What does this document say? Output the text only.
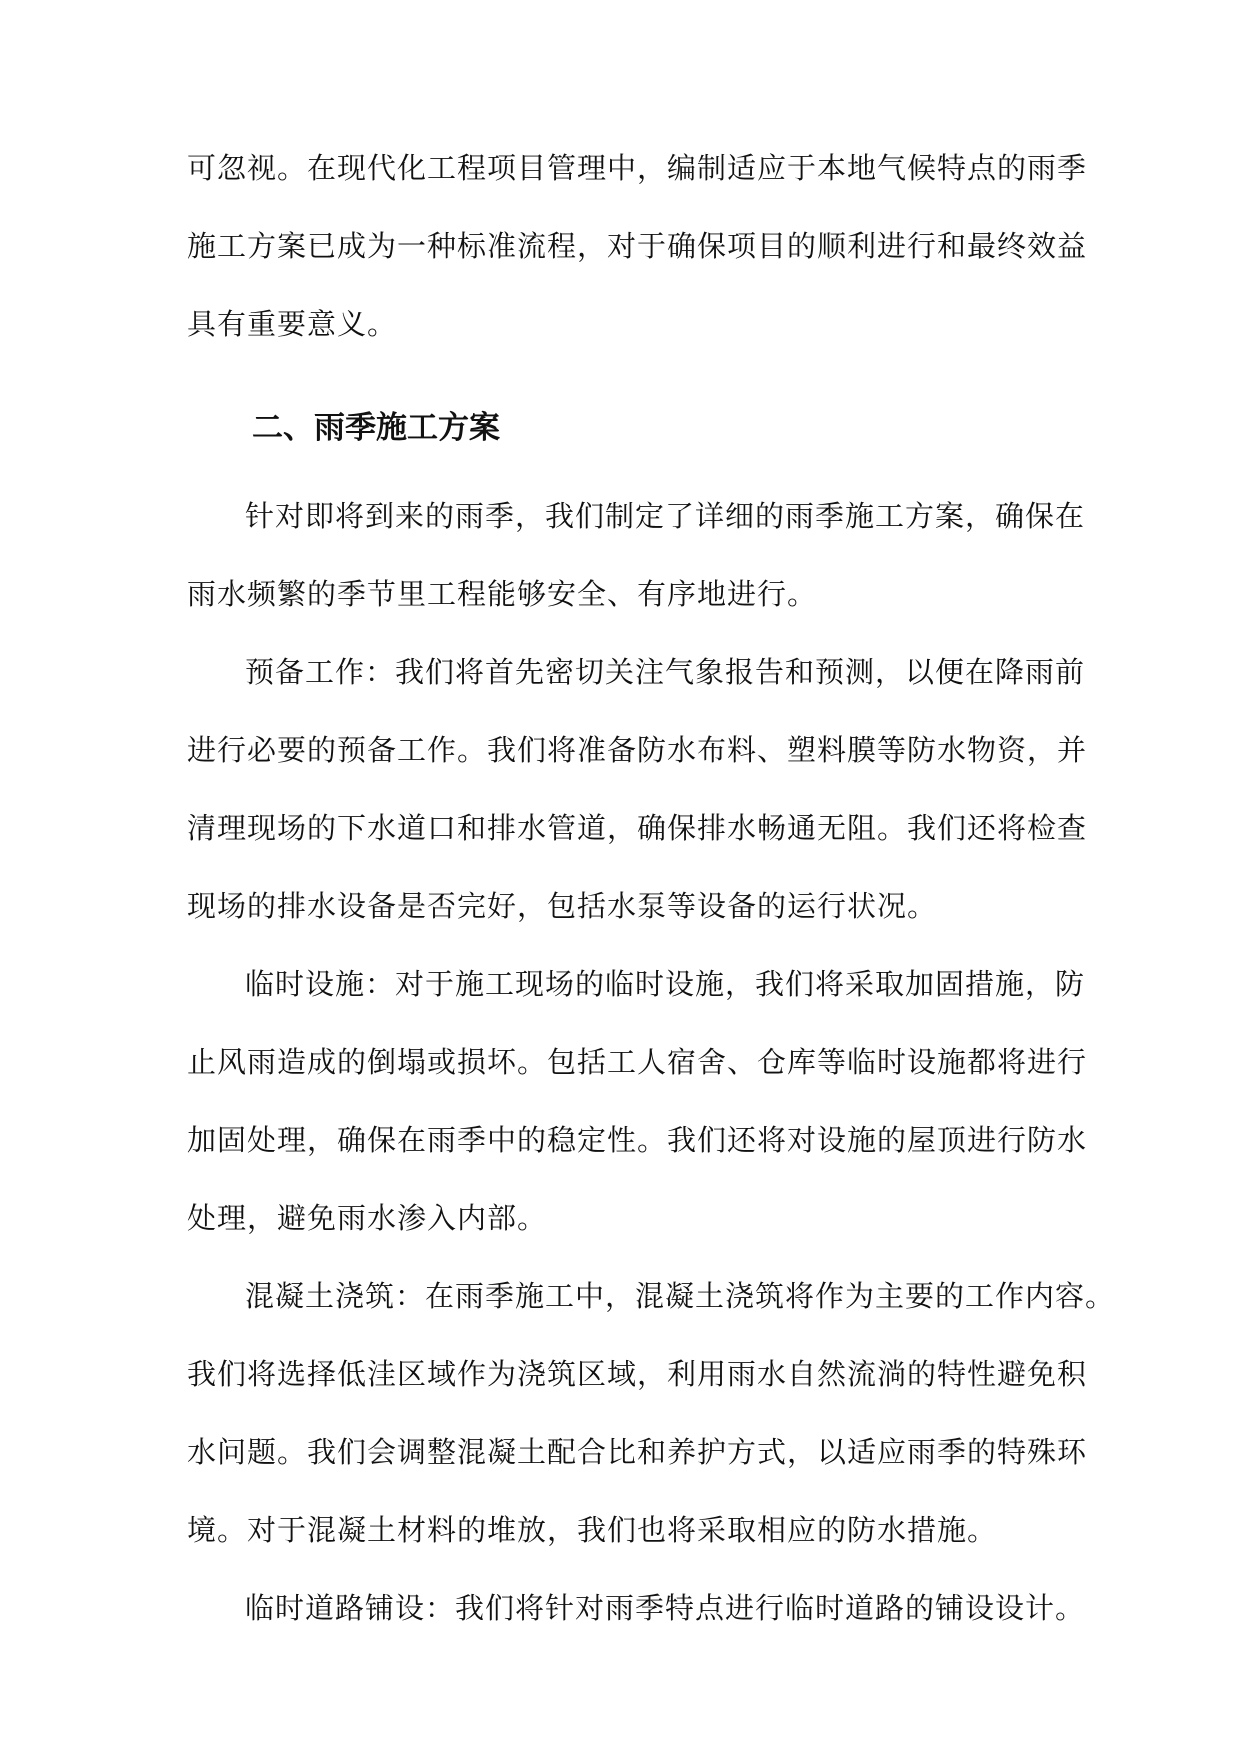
可忽视。在现代化工程项目管理中，编制适应于本地气候特点的雨季
施工方案已成为一种标准流程，对于确保项目的顺利进行和最终效益
具有重要意义。
二、雨季施工方案
针对即将到来的雨季，我们制定了详细的雨季施工方案，确保在
雨水频繁的季节里工程能够安全、有序地进行。
预备工作：我们将首先密切关注气象报告和预测，以便在降雨前
进行必要的预备工作。我们将准备防水布料、塑料膜等防水物资，并
清理现场的下水道口和排水管道，确保排水畅通无阻。我们还将检查
现场的排水设备是否完好，包括水泵等设备的运行状况。
临时设施：对于施工现场的临时设施，我们将采取加固措施，防
止风雨造成的倒塌或损坏。包括工人宿舍、仓库等临时设施都将进行
加固处理，确保在雨季中的稳定性。我们还将对设施的屋顶进行防水
处理，避免雨水渗入内部。
混凝土浇筑：在雨季施工中，混凝土浇筑将作为主要的工作内容。
我们将选择低洼区域作为浇筑区域，利用雨水自然流淌的特性避免积
水问题。我们会调整混凝土配合比和养护方式，以适应雨季的特殊环
境。对于混凝土材料的堆放，我们也将采取相应的防水措施。
临时道路铺设：我们将针对雨季特点进行临时道路的铺设设计。
